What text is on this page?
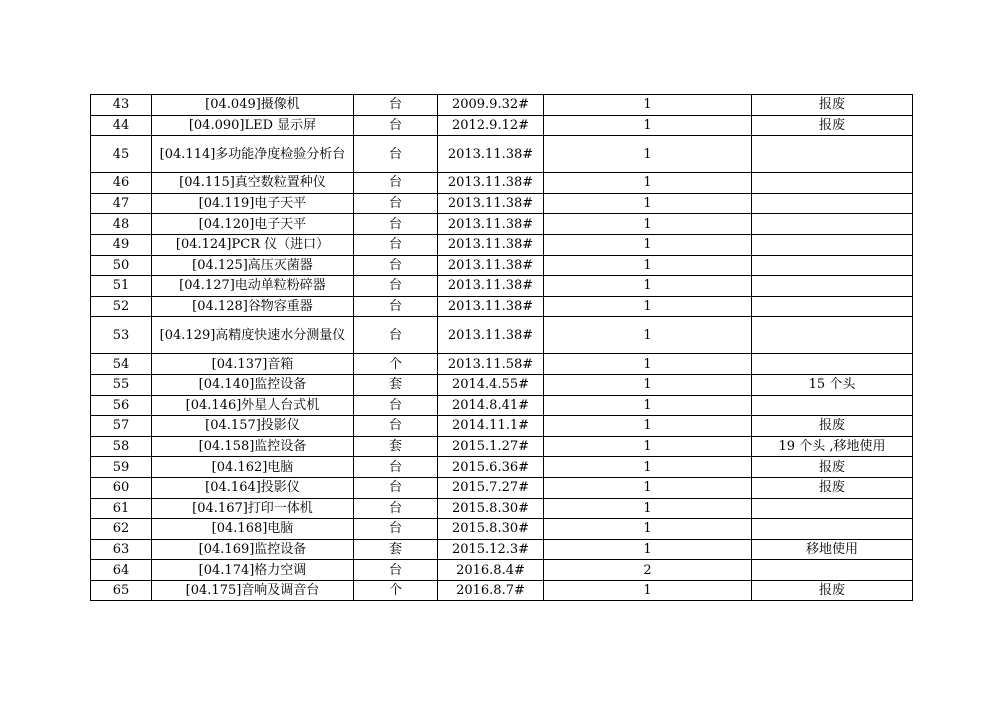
43	[04.049]摄像机	台	2009.9.32#	1	报废
44	[04.090]LED 显示屏	台	2012.9.12#	1	报废
45	[04.114]多功能净度检验分析台	台	2013.11.38#	1	
46	[04.115]真空数粒置种仪	台	2013.11.38#	1	
47	[04.119]电子天平	台	2013.11.38#	1	
48	[04.120]电子天平	台	2013.11.38#	1	
49	[04.124]PCR 仪（进口）	台	2013.11.38#	1	
50	[04.125]高压灭菌器	台	2013.11.38#	1	
51	[04.127]电动单粒粉碎器	台	2013.11.38#	1	
52	[04.128]谷物容重器	台	2013.11.38#	1	
53	[04.129]高精度快速水分测量仪	台	2013.11.38#	1	
54	[04.137]音箱	个	2013.11.58#	1	
55	[04.140]监控设备	套	2014.4.55#	1	15 个头
56	[04.146]外星人台式机	台	2014.8.41#	1	
57	[04.157]投影仪	台	2014.11.1#	1	报废
58	[04.158]监控设备	套	2015.1.27#	1	19 个头 ,移地使用
59	[04.162]电脑	台	2015.6.36#	1	报废
60	[04.164]投影仪	台	2015.7.27#	1	报废
61	[04.167]打印一体机	台	2015.8.30#	1	
62	[04.168]电脑	台	2015.8.30#	1	
63	[04.169]监控设备	套	2015.12.3#	1	移地使用
64	[04.174]格力空调	台	2016.8.4#	2	
65	[04.175]音响及调音台	个	2016.8.7#	1	报废
